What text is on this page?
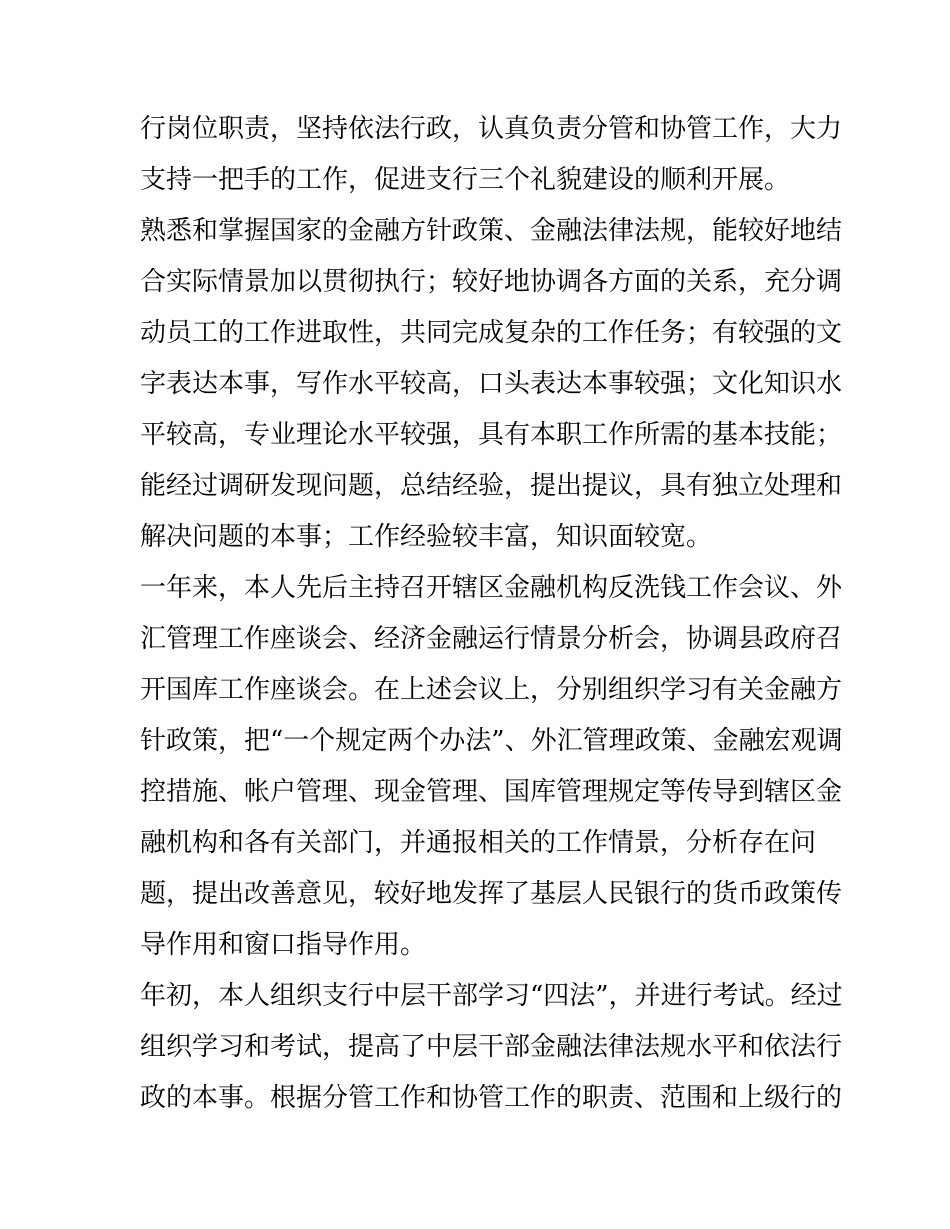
行岗位职责，坚持依法行政，认真负责分管和协管工作，大力
支持一把手的工作，促进支行三个礼貌建设的顺利开展。
熟悉和掌握国家的金融方针政策、金融法律法规，能较好地结
合实际情景加以贯彻执行；较好地协调各方面的关系，充分调
动员工的工作进取性，共同完成复杂的工作任务；有较强的文
字表达本事，写作水平较高，口头表达本事较强；文化知识水
平较高，专业理论水平较强，具有本职工作所需的基本技能；
能经过调研发现问题，总结经验，提出提议，具有独立处理和
解决问题的本事；工作经验较丰富，知识面较宽。
一年来，本人先后主持召开辖区金融机构反洗钱工作会议、外
汇管理工作座谈会、经济金融运行情景分析会，协调县政府召
开国库工作座谈会。在上述会议上，分别组织学习有关金融方
针政策，把“一个规定两个办法”、外汇管理政策、金融宏观调
控措施、帐户管理、现金管理、国库管理规定等传导到辖区金
融机构和各有关部门，并通报相关的工作情景，分析存在问
题，提出改善意见，较好地发挥了基层人民银行的货币政策传
导作用和窗口指导作用。
年初，本人组织支行中层干部学习“四法”，并进行考试。经过
组织学习和考试，提高了中层干部金融法律法规水平和依法行
政的本事。根据分管工作和协管工作的职责、范围和上级行的
